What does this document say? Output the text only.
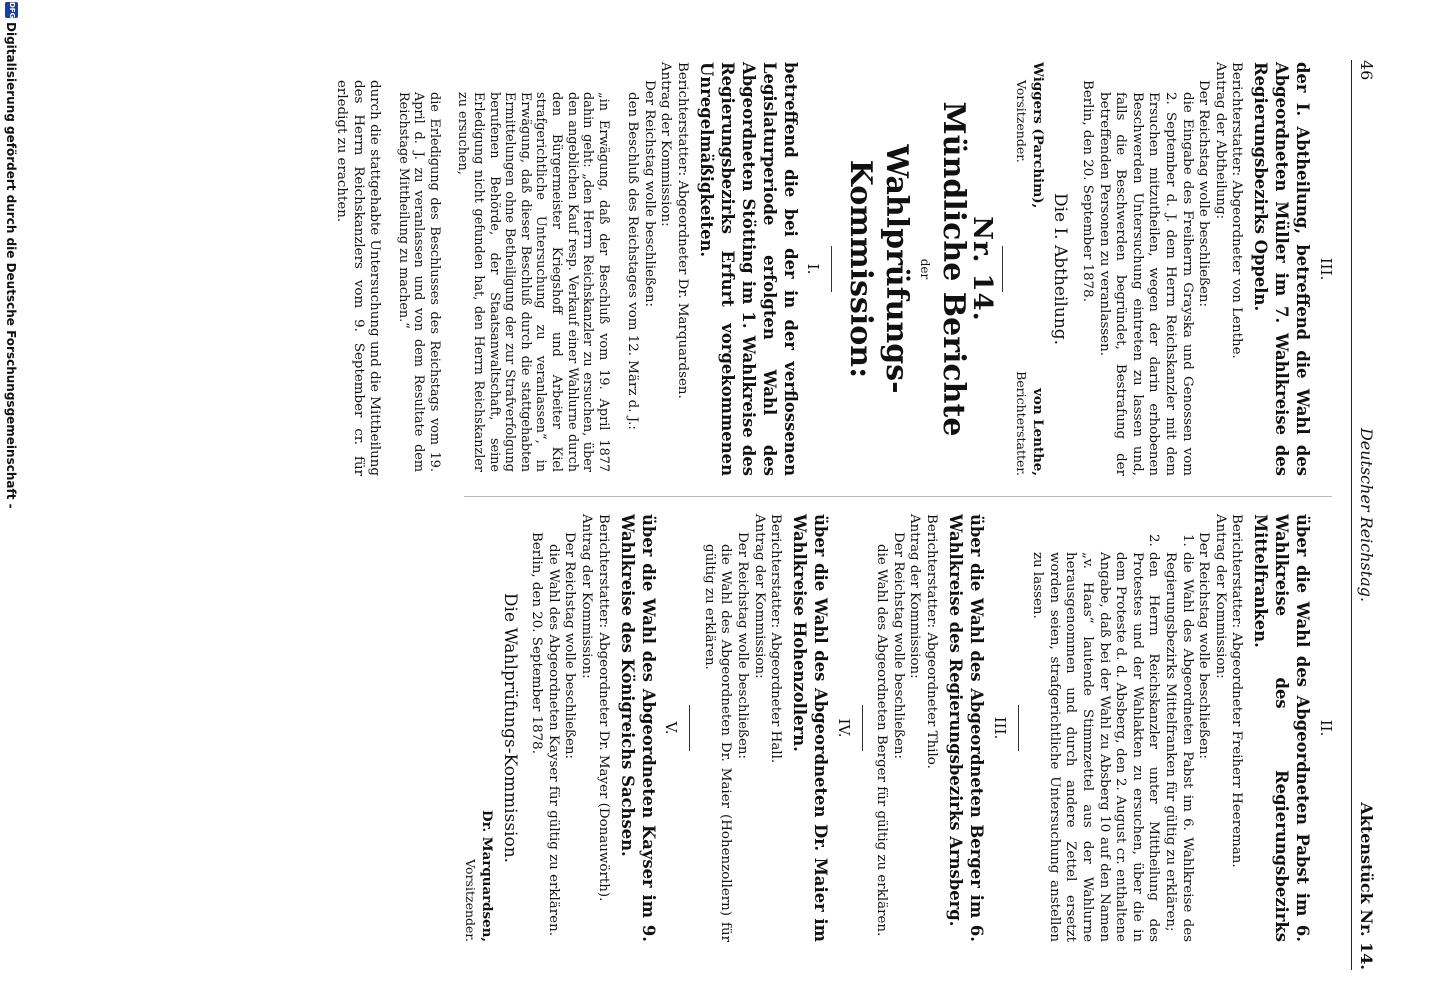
46
Deutscher Reichstag.
Aktenstück Nr. 14.
III.

der I. Abtheilung, betreffend die Wahl des Abgeordneten Müller im 7. Wahlkreise des Regierungsbezirks Oppeln.

Berichterstatter: Abgeordneter von Lenthe.

Antrag der Abtheilung:

Der Reichstag wolle beschließen:

die Eingabe des Freiherrn Grayska und Genossen vom 2. September d. J. dem Herrn Reichskanzler mit dem Ersuchen mitzutheilen, wegen der darin erhobenen Beschwerden Untersuchung eintreten zu lassen und, falls die Beschwerden begründet, Bestrafung der betreffenden Personen zu veranlassen.

Berlin, den 20. September 1878.

Die I. Abtheilung.
Wiggers (Parchim),
Vorsitzender.
von Lenthe,
Berichterstatter.
Nr. 14.
Mündliche Berichte

der

Wahlprüfungs-Kommission:
I.

betreffend die bei der in der verflossenen Legislaturperiode erfolgten Wahl des Abgeordneten Stötting im 1. Wahlkreise des Regierungsbezirks Erfurt vorgekommenen Unregelmäßigkeiten.

Berichterstatter: Abgeordneter Dr. Marquardsen.

Antrag der Kommission:

Der Reichstag wolle beschließen:

den Beschluß des Reichstages vom 12. März d. J.:

„in Erwägung, daß der Beschluß vom 19. April 1877 dahin geht: „den Herrn Reichskanzler zu ersuchen, über den angeblichen Kauf resp. Verkauf einer Wahlurne durch den Bürgermeister Kriegshoff und Arbeiter Kiel strafgerichtliche Untersuchung zu veranlassen“, in Erwägung, daß dieser Beschluß durch die stattgehabten Ermittelungen ohne Betheiligung der zur Strafverfolgung berufenen Behörde, der Staatsanwaltschaft, seine Erledigung nicht gefunden hat, den Herrn Reichskanzler zu ersuchen,

die Erledigung des Beschlusses des Reichstags vom 19. April d. J. zu veranlassen und von dem Resultate dem Reichstage Mittheilung zu machen.“

durch die stattgehabte Untersuchung und die Mittheilung des Herrn Reichskanzlers vom 9. September cr. für erledigt zu erachten.

II.

über die Wahl des Abgeordneten Pabst im 6. Wahlkreise des Regierungsbezirks Mittelfranken.

Berichterstatter: Abgeordneter Freiherr Heereman.

Antrag der Kommission:

Der Reichstag wolle beschließen:

1.
die Wahl des Abgeordneten Pabst im 6. Wahlkreise des Regierungsbezirks Mittelfranken für gültig zu erklären;
2.
den Herrn Reichskanzler unter Mittheilung des Protestes und der Wahlakten zu ersuchen, über die in dem Proteste d. d. Absberg, den 2. August cr. enthaltene Angabe, daß bei der Wahl zu Absberg 10 auf den Namen „v. Haas“ lautende Stimmzettel aus der Wahlurne herausgenommen und durch andere Zettel ersetzt worden seien, strafgerichtliche Untersuchung anstellen zu lassen.
III.

über die Wahl des Abgeordneten Berger im 6. Wahlkreise des Regierungsbezirks Arnsberg.

Berichterstatter: Abgeordneter Thilo.

Antrag der Kommission:

Der Reichstag wolle beschließen:

die Wahl des Abgeordneten Berger für gültig zu erklären.

IV.

über die Wahl des Abgeordneten Dr. Maier im Wahlkreise Hohenzollern.

Berichterstatter: Abgeordneter Hall.

Antrag der Kommission:

Der Reichstag wolle beschließen:

die Wahl des Abgeordneten Dr. Maier (Hohenzollern) für gültig zu erklären.

V.

über die Wahl des Abgeordneten Kayser im 9. Wahlkreise des Königreichs Sachsen.

Berichterstatter: Abgeordneter Dr. Mayer (Donauwörth).

Antrag der Kommission:

Der Reichstag wolle beschließen:

die Wahl des Abgeordneten Kayser für gültig zu erklären.

Berlin, den 20. September 1878.

Die Wahlprüfungs-Kommission.
Dr. Marquardsen,
Vorsitzender.
DFG
Digitalisierung gefördert durch die Deutsche Forschungsgemeinschaft -
